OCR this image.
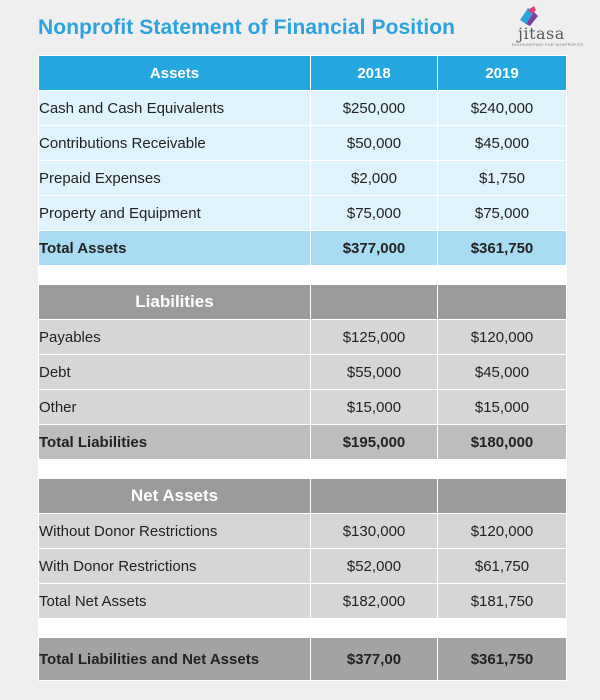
Nonprofit Statement of Financial Position	jitasa
BOOKKEEPING FOR NONPROFITS
Assets	2018	2019
Cash and Cash Equivalents	$250,000	$240,000
Contributions Receivable	$50,000	$45,000
Prepaid Expenses	$2,000	$1,750
Property and Equipment	$75,000	$75,000
Total Assets	$377,000	$361,750

Liabilities		
Payables	$125,000	$120,000
Debt	$55,000	$45,000
Other	$15,000	$15,000
Total Liabilities	$195,000	$180,000

Net Assets		
Without Donor Restrictions	$130,000	$120,000
With Donor Restrictions	$52,000	$61,750
Total Net Assets	$182,000	$181,750

Total Liabilities and Net Assets	$377,00	$361,750
